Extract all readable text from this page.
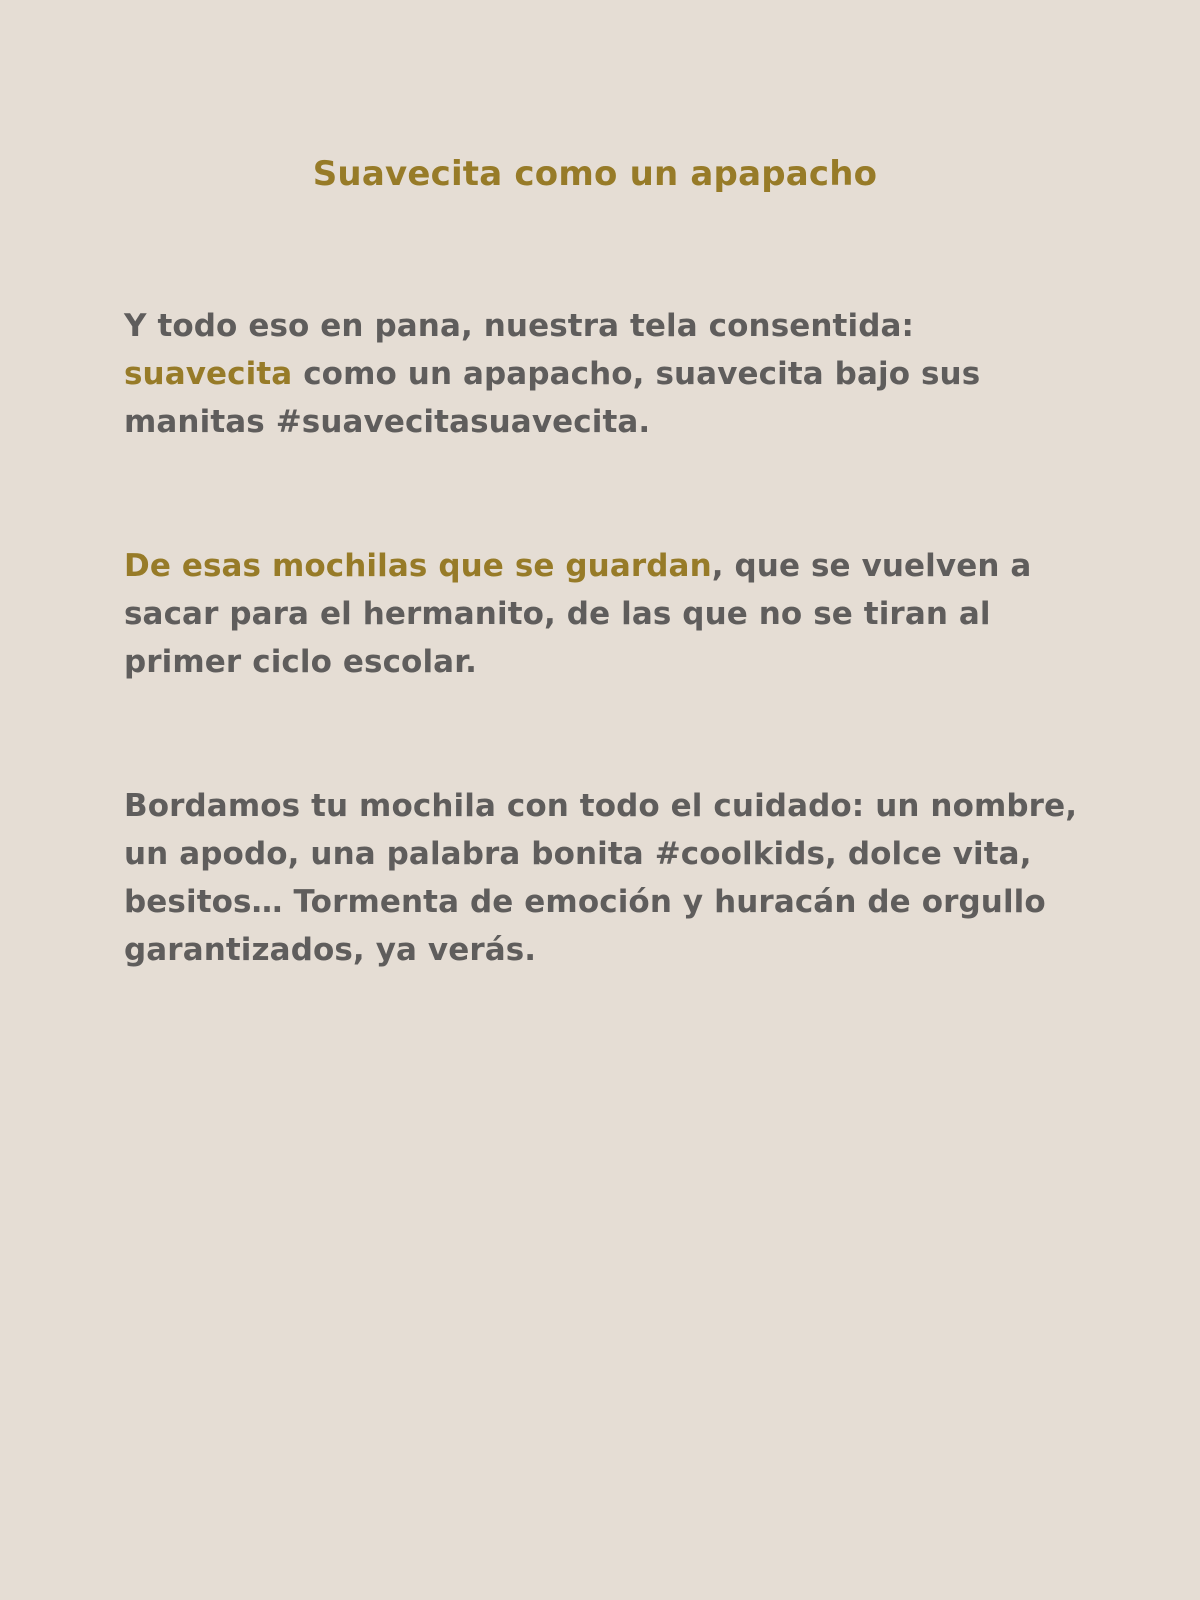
Suavecita como un apapacho

Y todo eso en pana, nuestra tela consentida: suavecita como un apapacho, suavecita bajo sus manitas #suavecitasuavecita.

De esas mochilas que se guardan, que se vuelven a sacar para el hermanito, de las que no se tiran al primer ciclo escolar.

Bordamos tu mochila con todo el cuidado: un nombre, un apodo, una palabra bonita #coolkids, dolce vita, besitos… Tormenta de emoción y huracán de orgullo garantizados, ya verás.
